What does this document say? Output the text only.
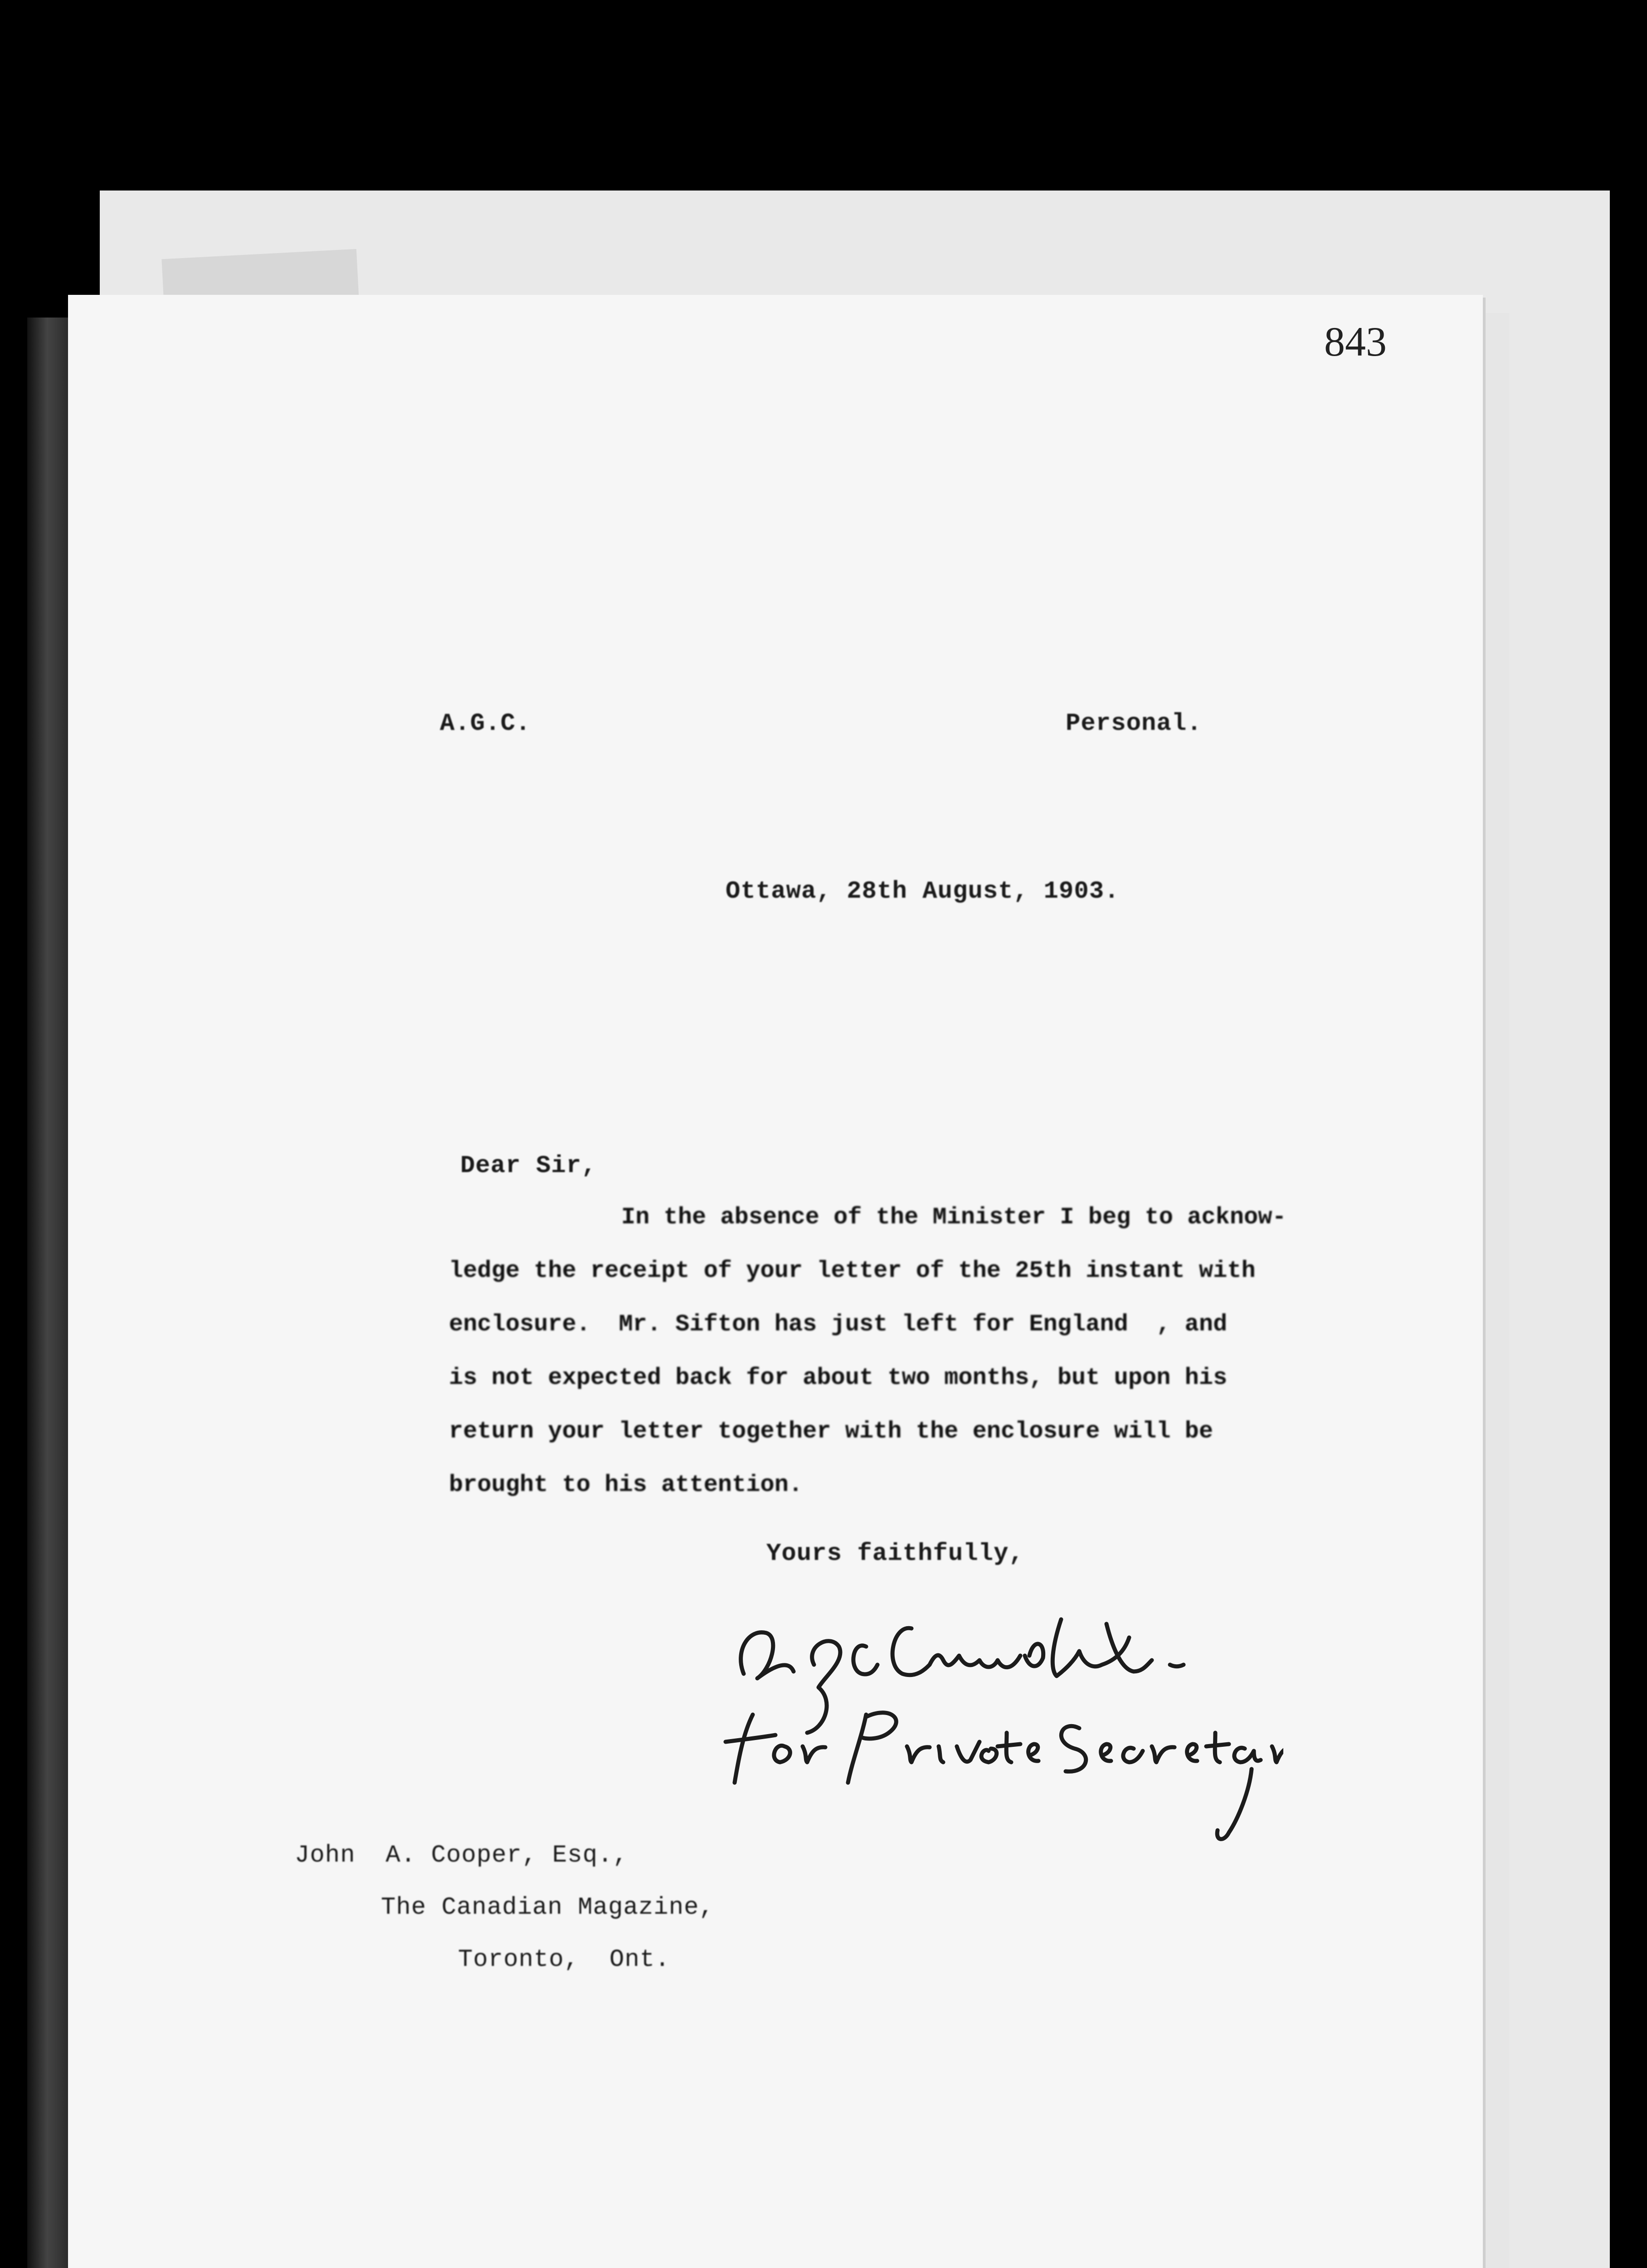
843
A.G.C.	Personal.
Ottawa, 28th August, 1903.
Dear Sir,
In the absence of the Minister I beg to acknow-
ledge the receipt of your letter of the 25th instant with
enclosure.  Mr. Sifton has just left for England  , and
is not expected back for about two months, but upon his
return your letter together with the enclosure will be
brought to his attention.
Yours faithfully,
John  A. Cooper, Esq.,
The Canadian Magazine,
Toronto,  Ont.
